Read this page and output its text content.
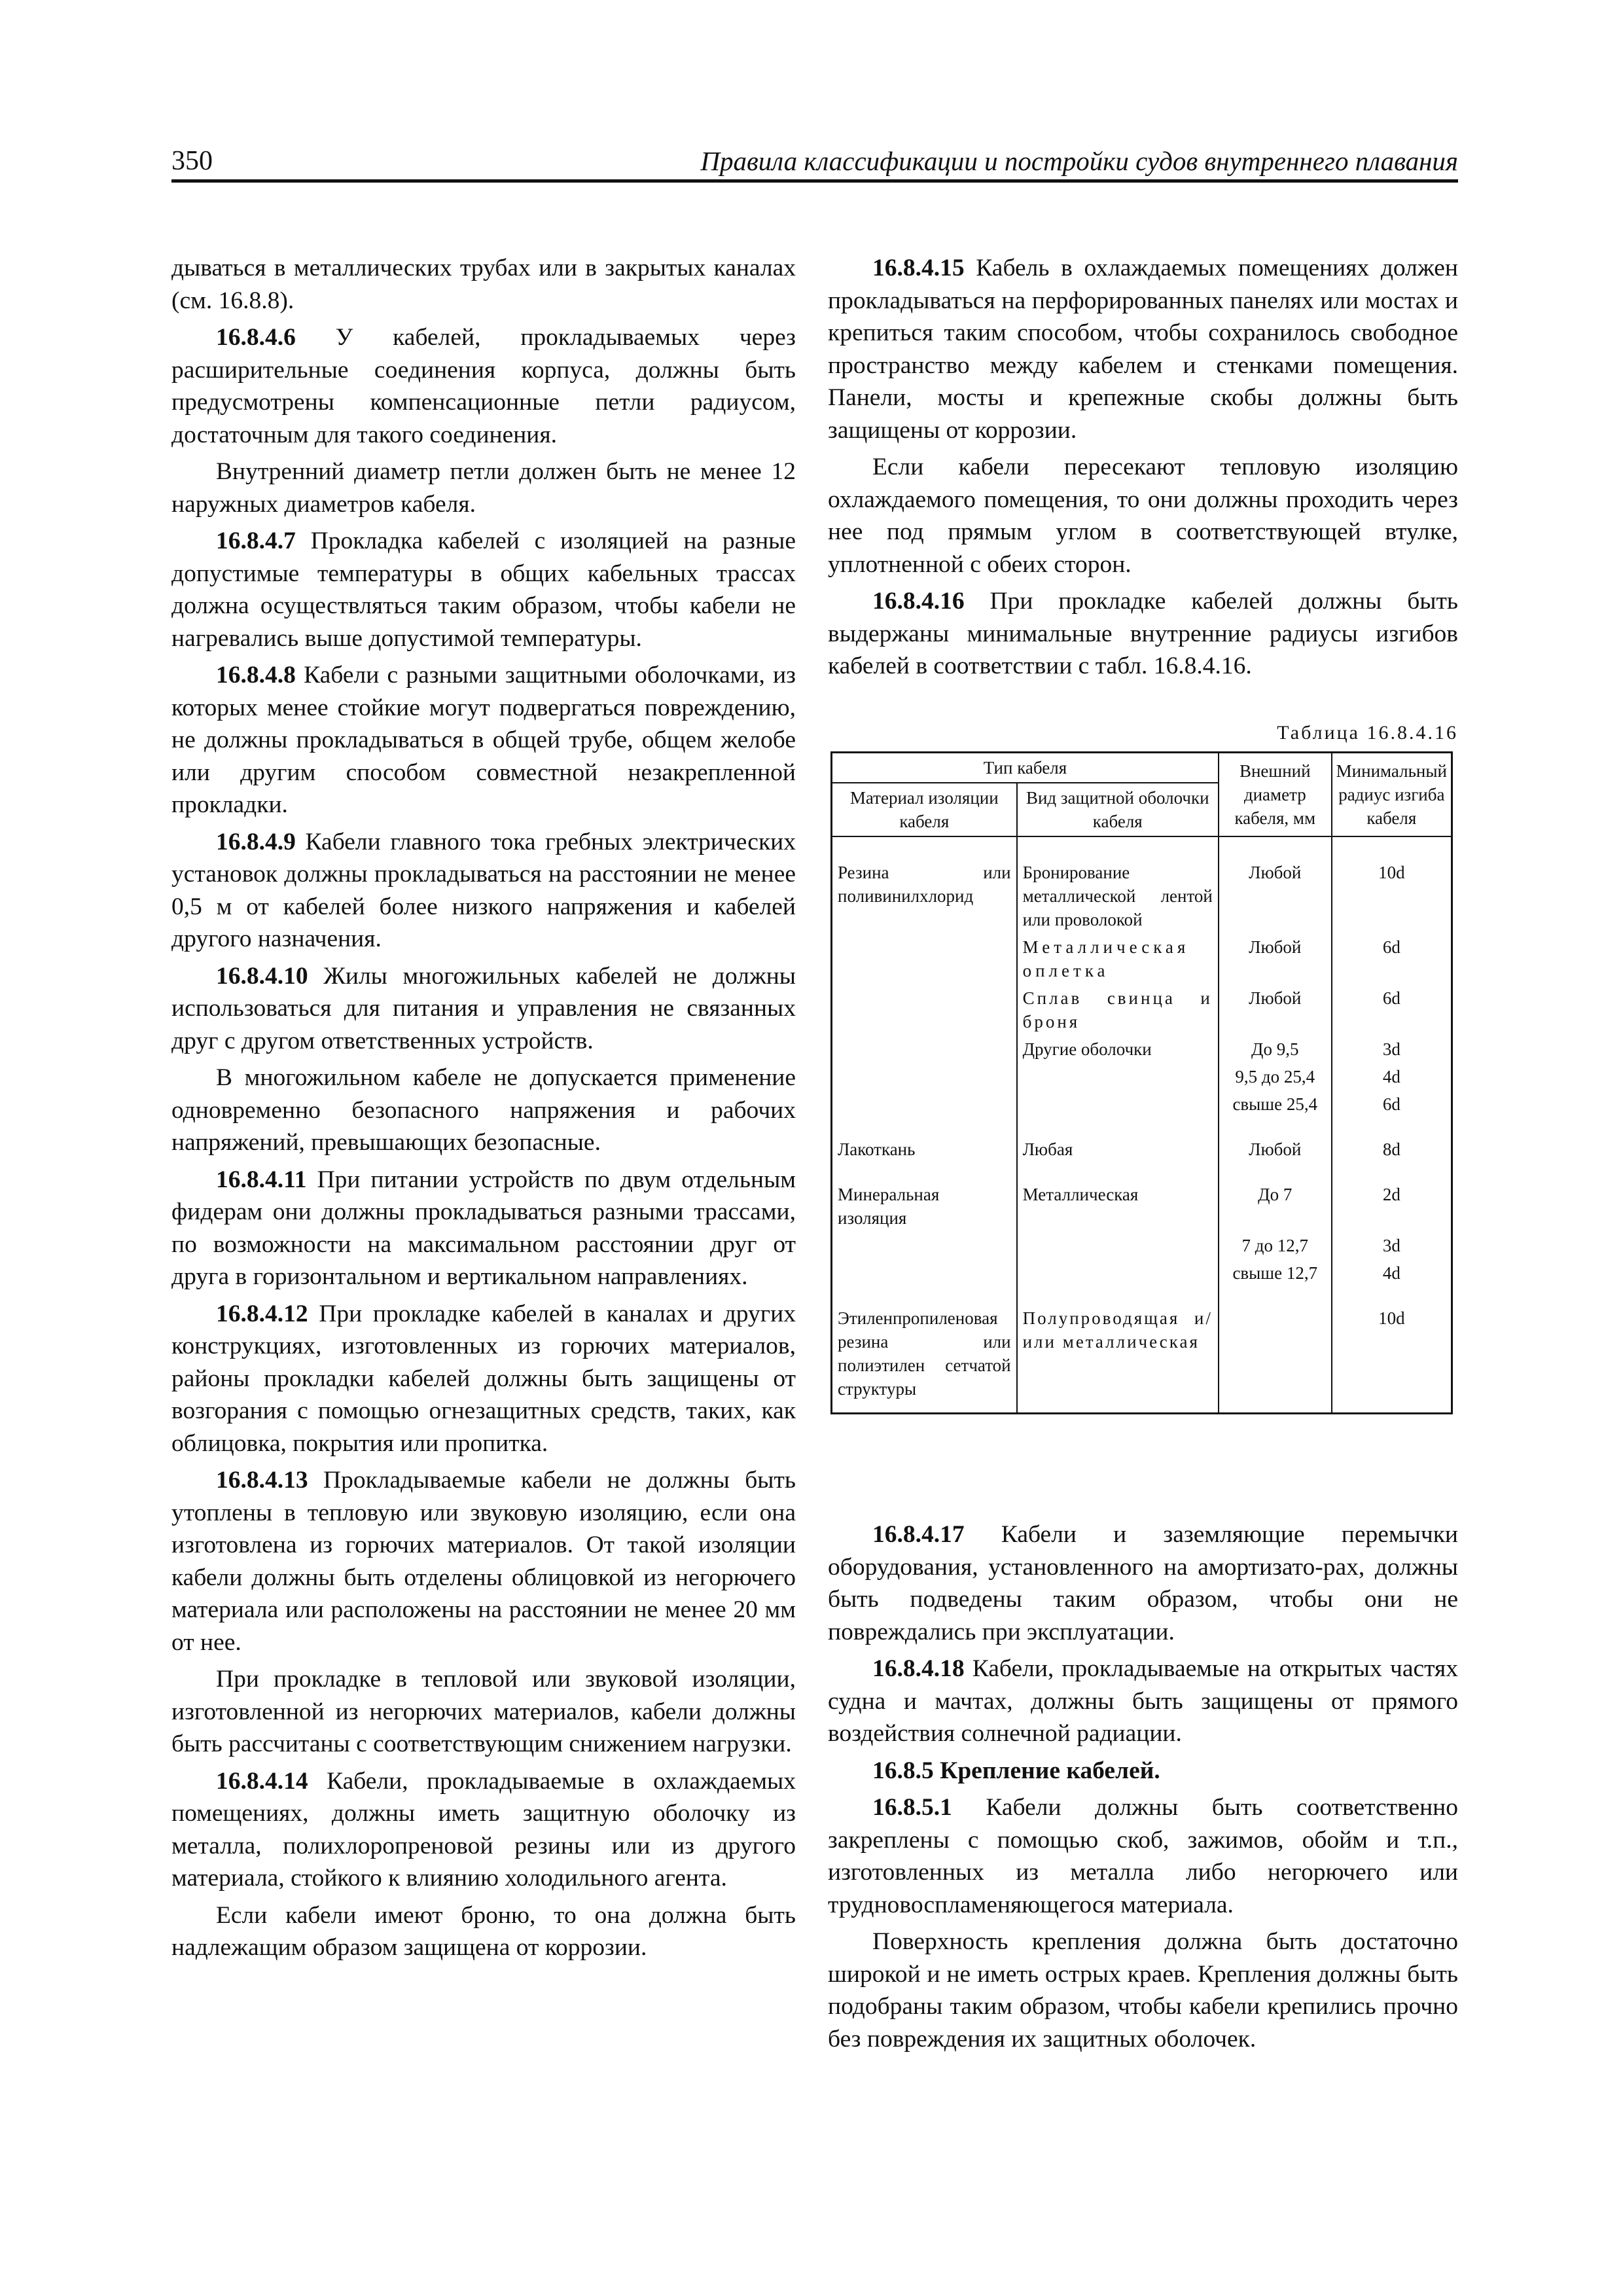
350	Правила классификации и постройки судов внутреннего плавания

дываться в металлических трубах или в закрытых каналах (см. 16.8.8).

16.8.4.6 У кабелей, прокладываемых через расширительные соединения корпуса, должны быть предусмотрены компенсационные петли радиусом, достаточным для такого соединения.

Внутренний диаметр петли должен быть не менее 12 наружных диаметров кабеля.

16.8.4.7 Прокладка кабелей с изоляцией на разные допустимые температуры в общих кабельных трассах должна осуществляться таким образом, чтобы кабели не нагревались выше допустимой температуры.

16.8.4.8 Кабели с разными защитными оболочками, из которых менее стойкие могут подвергаться повреждению, не должны прокладываться в общей трубе, общем желобе или другим способом совместной незакрепленной прокладки.

16.8.4.9 Кабели главного тока гребных электрических установок должны прокладываться на расстоянии не менее 0,5 м от кабелей более низкого напряжения и кабелей другого назначения.

16.8.4.10 Жилы многожильных кабелей не должны использоваться для питания и управления не связанных друг с другом ответственных устройств.

В многожильном кабеле не допускается применение одновременно безопасного напряжения и рабочих напряжений, превышающих безопасные.

16.8.4.11 При питании устройств по двум отдельным фидерам они должны прокладываться разными трассами, по возможности на максимальном расстоянии друг от друга в горизонтальном и вертикальном направлениях.

16.8.4.12 При прокладке кабелей в каналах и других конструкциях, изготовленных из горючих материалов, районы прокладки кабелей должны быть защищены от возгорания с помощью огнезащитных средств, таких, как облицовка, покрытия или пропитка.

16.8.4.13 Прокладываемые кабели не должны быть утоплены в тепловую или звуковую изоляцию, если она изготовлена из горючих материалов. От такой изоляции кабели должны быть отделены облицовкой из негорючего материала или расположены на расстоянии не менее 20 мм от нее.

При прокладке в тепловой или звуковой изоляции, изготовленной из негорючих материалов, кабели должны быть рассчитаны с соответствующим снижением нагрузки.

16.8.4.14 Кабели, прокладываемые в охлаждаемых помещениях, должны иметь защитную оболочку из металла, полихлоропреновой резины или из другого материала, стойкого к влиянию холодильного агента.

Если кабели имеют броню, то она должна быть надлежащим образом защищена от коррозии.

16.8.4.15 Кабель в охлаждаемых помещениях должен прокладываться на перфорированных панелях или мостах и крепиться таким способом, чтобы сохранилось свободное пространство между кабелем и стенками помещения. Панели, мосты и крепежные скобы должны быть защищены от коррозии.

Если кабели пересекают тепловую изоляцию охлаждаемого помещения, то они должны проходить через нее под прямым углом в соответствующей втулке, уплотненной с обеих сторон.

16.8.4.16 При прокладке кабелей должны быть выдержаны минимальные внутренние радиусы изгибов кабелей в соответствии с табл. 16.8.4.16.

Таблица 16.8.4.16
Тип кабеля		Внешний диаметр кабеля, мм	Минимальный радиус изгиба кабеля
Материал изоляции кабеля	Вид защитной оболочки кабеля		
Резина или поливинилхлорид	Бронирование металлической лентой или проволокой	Любой	10d
	Металлическая оплетка	Любой	6d
	Сплав свинца и броня	Любой	6d
	Другие оболочки	До 9,5	3d
		9,5 до 25,4	4d
		свыше 25,4	6d
Лакоткань	Любая	Любой	8d
Минеральная изоляция	Металлическая	До 7	2d
		7 до 12,7	3d
		свыше 12,7	4d
Этиленпропиленовая резина или полиэтилен сетчатой структуры	Полупроводящая и/или металлическая		10d

16.8.4.17 Кабели и заземляющие перемычки оборудования, установленного на амортизато-рах, должны быть подведены таким образом, чтобы они не повреждались при эксплуатации.

16.8.4.18 Кабели, прокладываемые на открытых частях судна и мачтах, должны быть защищены от прямого воздействия солнечной радиации.

16.8.5 Крепление кабелей.

16.8.5.1 Кабели должны быть соответственно закреплены с помощью скоб, зажимов, обойм и т.п., изготовленных из металла либо негорючего или трудновоспламеняющегося материала.

Поверхность крепления должна быть достаточно широкой и не иметь острых краев. Крепления должны быть подобраны таким образом, чтобы кабели крепились прочно без повреждения их защитных оболочек.
